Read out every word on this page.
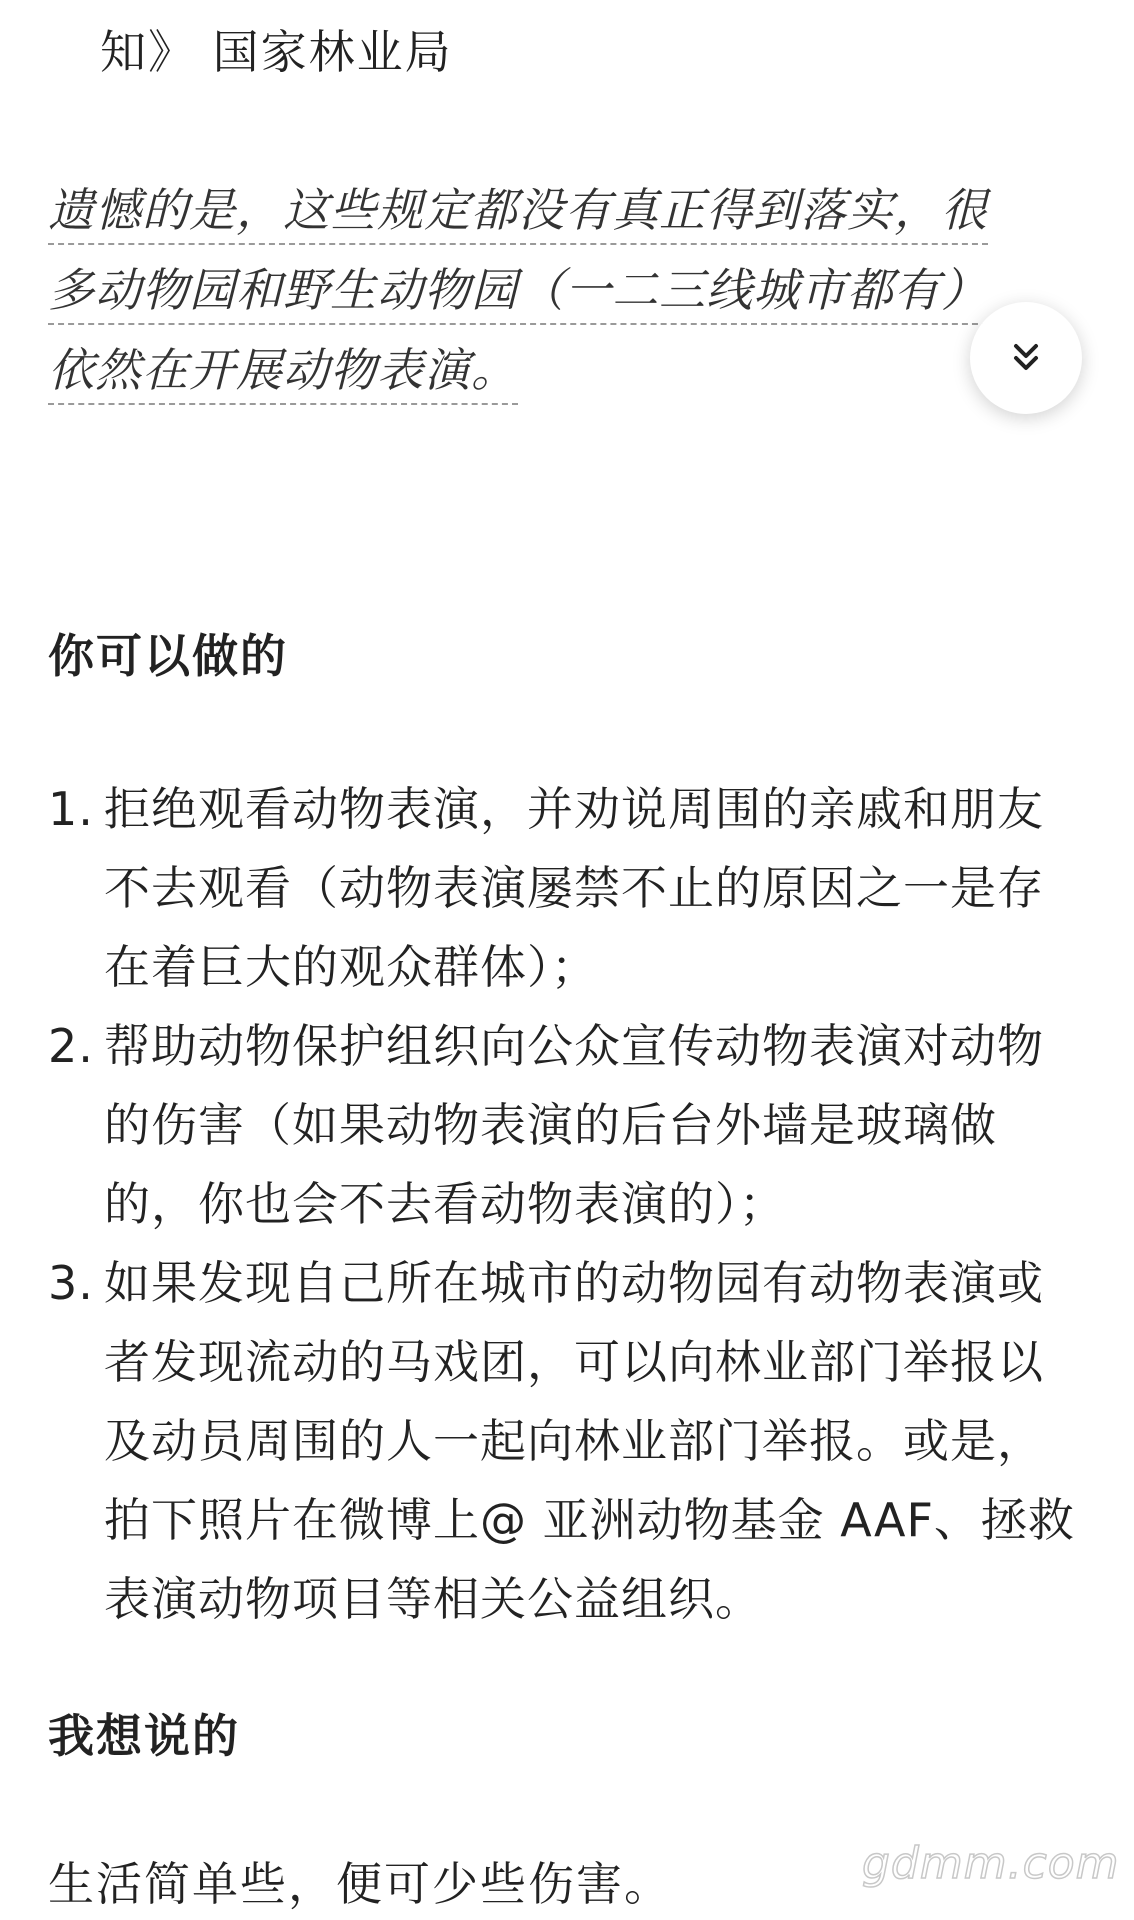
知》 国家林业局
遗憾的是，这些规定都没有真正得到落实，很
多动物园和野生动物园（一二三线城市都有）
依然在开展动物表演。
你可以做的
1. 拒绝观看动物表演，并劝说周围的亲戚和朋友不去观看（动物表演屡禁不止的原因之一是存在着巨大的观众群体）；
2. 帮助动物保护组织向公众宣传动物表演对动物的伤害（如果动物表演的后台外墙是玻璃做的，你也会不去看动物表演的）；
3. 如果发现自己所在城市的动物园有动物表演或者发现流动的马戏团，可以向林业部门举报以及动员周围的人一起向林业部门举报。或是，拍下照片在微博上@ 亚洲动物基金 AAF、拯救表演动物项目等相关公益组织。
我想说的
生活简单些，便可少些伤害。	gdmm.com
